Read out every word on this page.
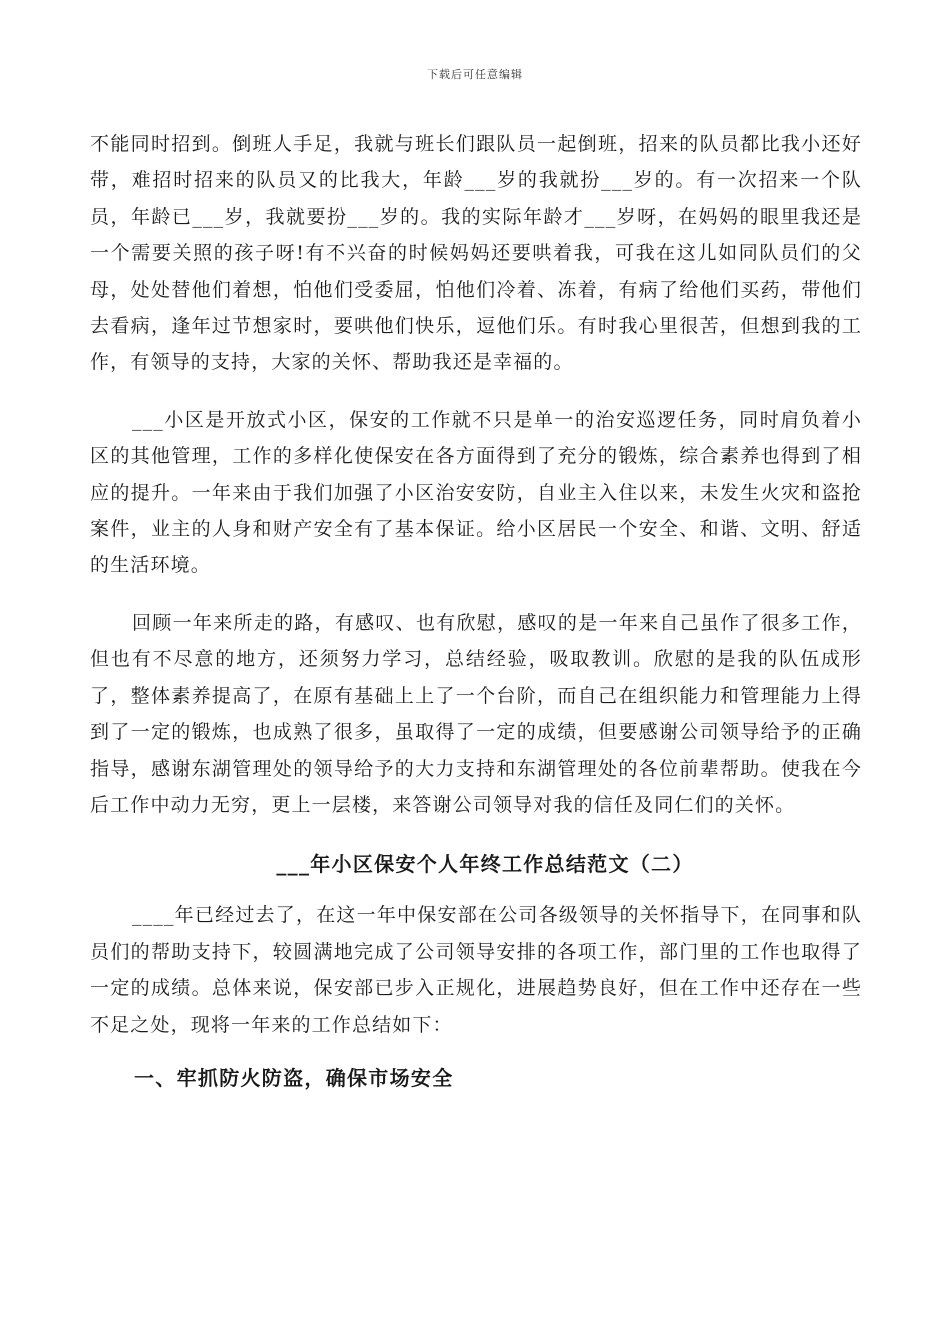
下载后可任意编辑

不能同时招到。倒班人手足，我就与班长们跟队员一起倒班，招来的队员都比我小还好带，难招时招来的队员又的比我大，年龄___岁的我就扮___岁的。有一次招来一个队员，年龄已___岁，我就要扮___岁的。我的实际年龄才___岁呀，在妈妈的眼里我还是一个需要关照的孩子呀!有不兴奋的时候妈妈还要哄着我，可我在这儿如同队员们的父母，处处替他们着想，怕他们受委屈，怕他们冷着、冻着，有病了给他们买药，带他们去看病，逢年过节想家时，要哄他们快乐，逗他们乐。有时我心里很苦，但想到我的工作，有领导的支持，大家的关怀、帮助我还是幸福的。

___小区是开放式小区，保安的工作就不只是单一的治安巡逻任务，同时肩负着小区的其他管理，工作的多样化使保安在各方面得到了充分的锻炼，综合素养也得到了相应的提升。一年来由于我们加强了小区治安安防，自业主入住以来，未发生火灾和盗抢案件，业主的人身和财产安全有了基本保证。给小区居民一个安全、和谐、文明、舒适的生活环境。

回顾一年来所走的路，有感叹、也有欣慰，感叹的是一年来自己虽作了很多工作，但也有不尽意的地方，还须努力学习，总结经验，吸取教训。欣慰的是我的队伍成形了，整体素养提高了，在原有基础上上了一个台阶，而自己在组织能力和管理能力上得到了一定的锻炼，也成熟了很多，虽取得了一定的成绩，但要感谢公司领导给予的正确指导，感谢东湖管理处的领导给予的大力支持和东湖管理处的各位前辈帮助。使我在今后工作中动力无穷，更上一层楼，来答谢公司领导对我的信任及同仁们的关怀。

___年小区保安个人年终工作总结范文（二）

____年已经过去了，在这一年中保安部在公司各级领导的关怀指导下，在同事和队员们的帮助支持下，较圆满地完成了公司领导安排的各项工作，部门里的工作也取得了一定的成绩。总体来说，保安部已步入正规化，进展趋势良好，但在工作中还存在一些不足之处，现将一年来的工作总结如下：

一、牢抓防火防盗，确保市场安全
